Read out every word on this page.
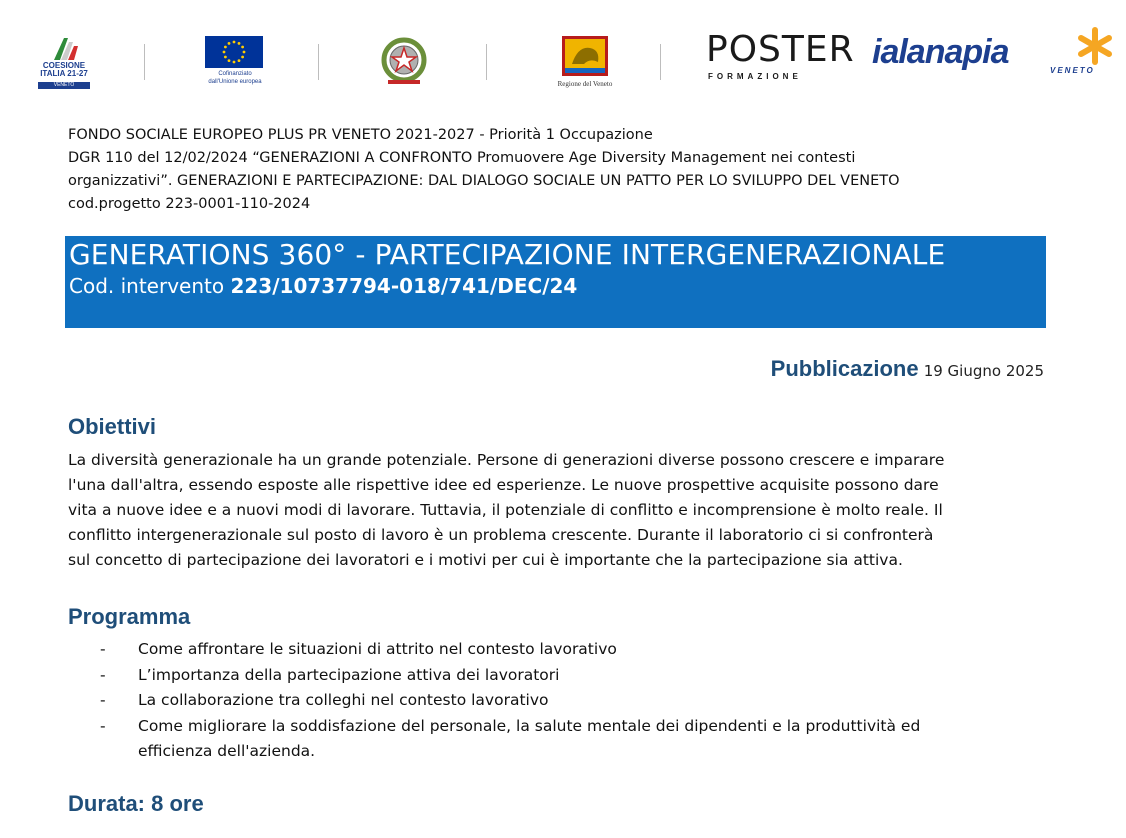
COESIONE
ITALIA 21-27
VENETO
Cofinanziato
dall'Unione europea	Regione del Veneto
POSTER
FORMAZIONE
ialanapia	VENETO
FONDO SOCIALE EUROPEO PLUS PR VENETO 2021-2027 - Priorità 1 Occupazione
DGR 110 del 12/02/2024 “GENERAZIONI A CONFRONTO Promuovere Age Diversity Management nei contesti
organizzativi”. GENERAZIONI E PARTECIPAZIONE: DAL DIALOGO SOCIALE UN PATTO PER LO SVILUPPO DEL VENETO
cod.progetto 223-0001-110-2024
GENERATIONS 360° - PARTECIPAZIONE INTERGENERAZIONALE
Cod. intervento 223/10737794-018/741/DEC/24
Pubblicazione 19 Giugno 2025
Obiettivi
La diversità generazionale ha un grande potenziale. Persone di generazioni diverse possono crescere e imparare
l'una dall'altra, essendo esposte alle rispettive idee ed esperienze. Le nuove prospettive acquisite possono dare
vita a nuove idee e a nuovi modi di lavorare. Tuttavia, il potenziale di conflitto e incomprensione è molto reale. Il
conflitto intergenerazionale sul posto di lavoro è un problema crescente. Durante il laboratorio ci si confronterà
sul concetto di partecipazione dei lavoratori e i motivi per cui è importante che la partecipazione sia attiva.
Programma
- Come affrontare le situazioni di attrito nel contesto lavorativo
- L’importanza della partecipazione attiva dei lavoratori
- La collaborazione tra colleghi nel contesto lavorativo
- Come migliorare la soddisfazione del personale, la salute mentale dei dipendenti e la produttività ed
efficienza dell'azienda.
Durata: 8 ore
